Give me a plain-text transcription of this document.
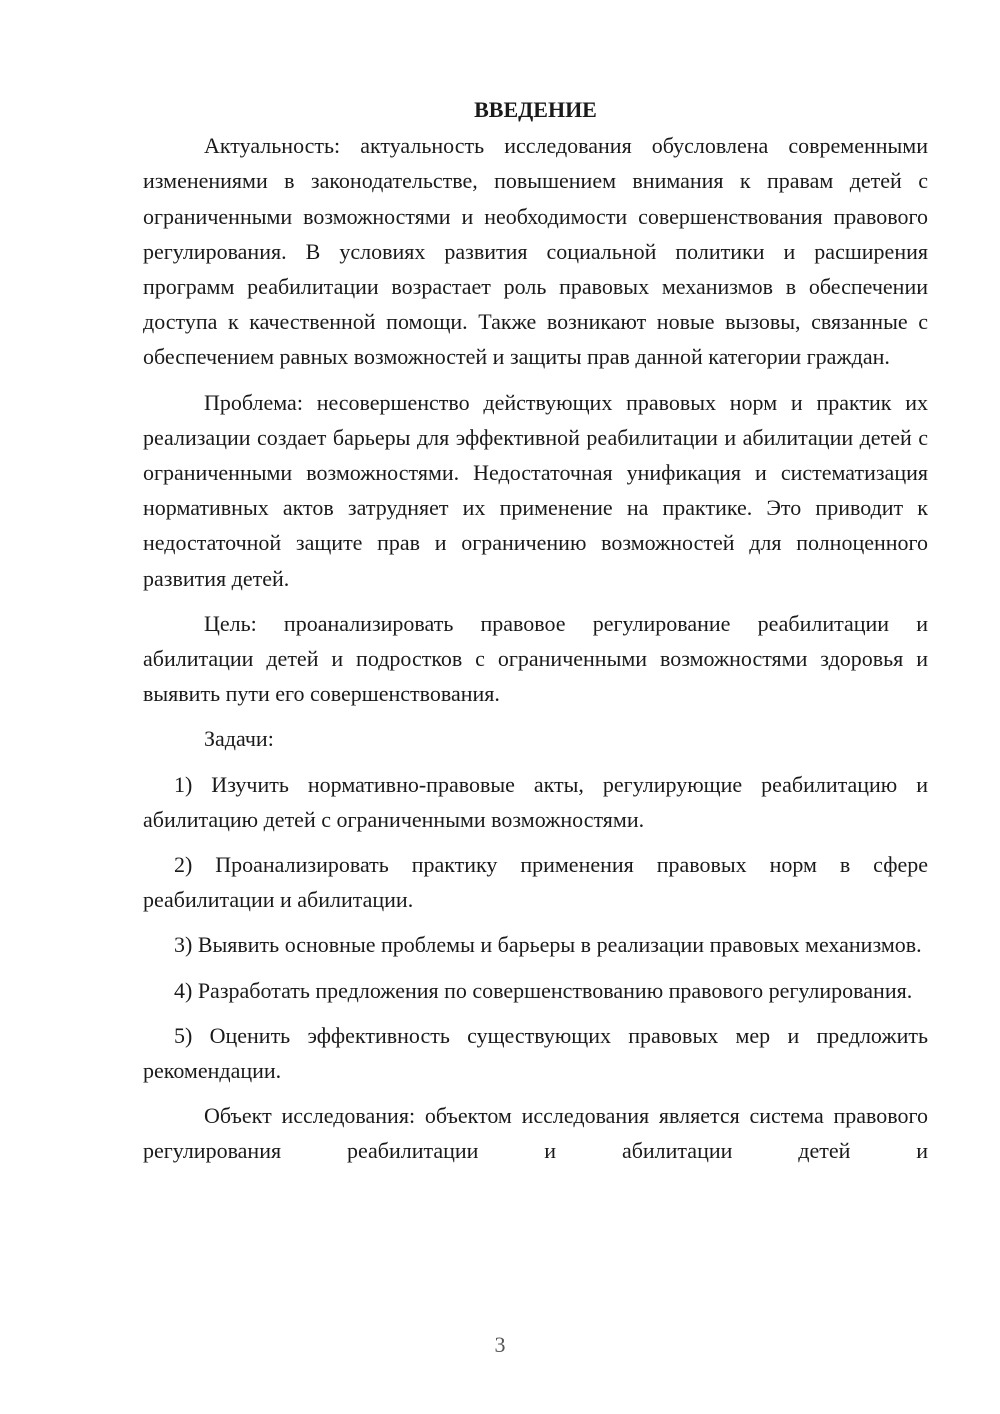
ВВЕДЕНИЕ

Актуальность: актуальность исследования обусловлена современными изменениями в законодательстве, повышением внимания к правам детей с ограниченными возможностями и необходимости совершенствования правового регулирования. В условиях развития социальной политики и расширения программ реабилитации возрастает роль правовых механизмов в обеспечении доступа к качественной помощи. Также возникают новые вызовы, связанные с обеспечением равных возможностей и защиты прав данной категории граждан.

Проблема: несовершенство действующих правовых норм и практик их реализации создает барьеры для эффективной реабилитации и абилитации детей с ограниченными возможностями. Недостаточная унификация и систематизация нормативных актов затрудняет их применение на практике. Это приводит к недостаточной защите прав и ограничению возможностей для полноценного развития детей.

Цель: проанализировать правовое регулирование реабилитации и абилитации детей и подростков с ограниченными возможностями здоровья и выявить пути его совершенствования.

Задачи:

1) Изучить нормативно-правовые акты, регулирующие реабилитацию и абилитацию детей с ограниченными возможностями.

2) Проанализировать практику применения правовых норм в сфере реабилитации и абилитации.

3) Выявить основные проблемы и барьеры в реализации правовых механизмов.

4) Разработать предложения по совершенствованию правового регулирования.

5) Оценить эффективность существующих правовых мер и предложить рекомендации.

Объект исследования: объектом исследования является система правового регулирования реабилитации и абилитации детей и

3
